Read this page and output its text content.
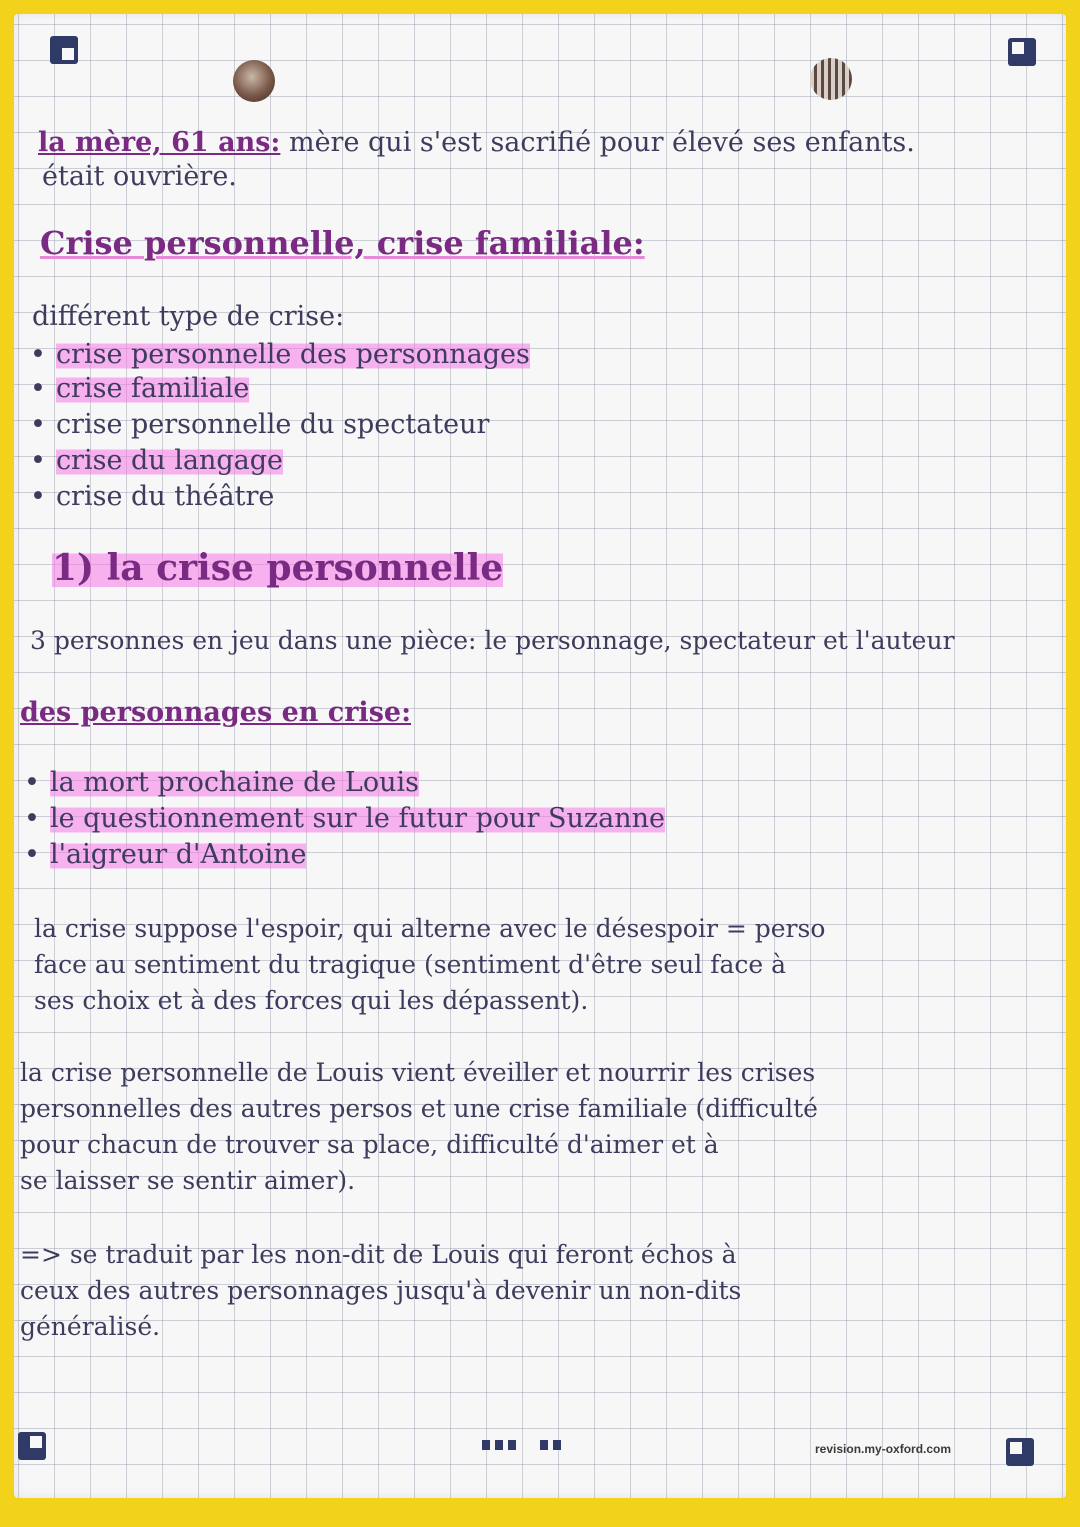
la mère, 61 ans: mère qui s'est sacrifié pour élevé ses enfants.
était ouvrière.
Crise personnelle, crise familiale:
différent type de crise:
• crise personnelle des personnages
• crise familiale
• crise personnelle du spectateur
• crise du langage
• crise du théâtre
1) la crise personnelle
3 personnes en jeu dans une pièce: le personnage, spectateur et l'auteur
des personnages en crise:
• la mort prochaine de Louis
• le questionnement sur le futur pour Suzanne
• l'aigreur d'Antoine
la crise suppose l'espoir, qui alterne avec le désespoir = perso
face au sentiment du tragique (sentiment d'être seul face à
ses choix et à des forces qui les dépassent).
la crise personnelle de Louis vient éveiller et nourrir les crises
personnelles des autres persos et une crise familiale (difficulté
pour chacun de trouver sa place, difficulté d'aimer et à
se laisser se sentir aimer).
=> se traduit par les non-dit de Louis qui feront échos à
ceux des autres personnages jusqu'à devenir un non-dits
généralisé.
revision.my-oxford.com
